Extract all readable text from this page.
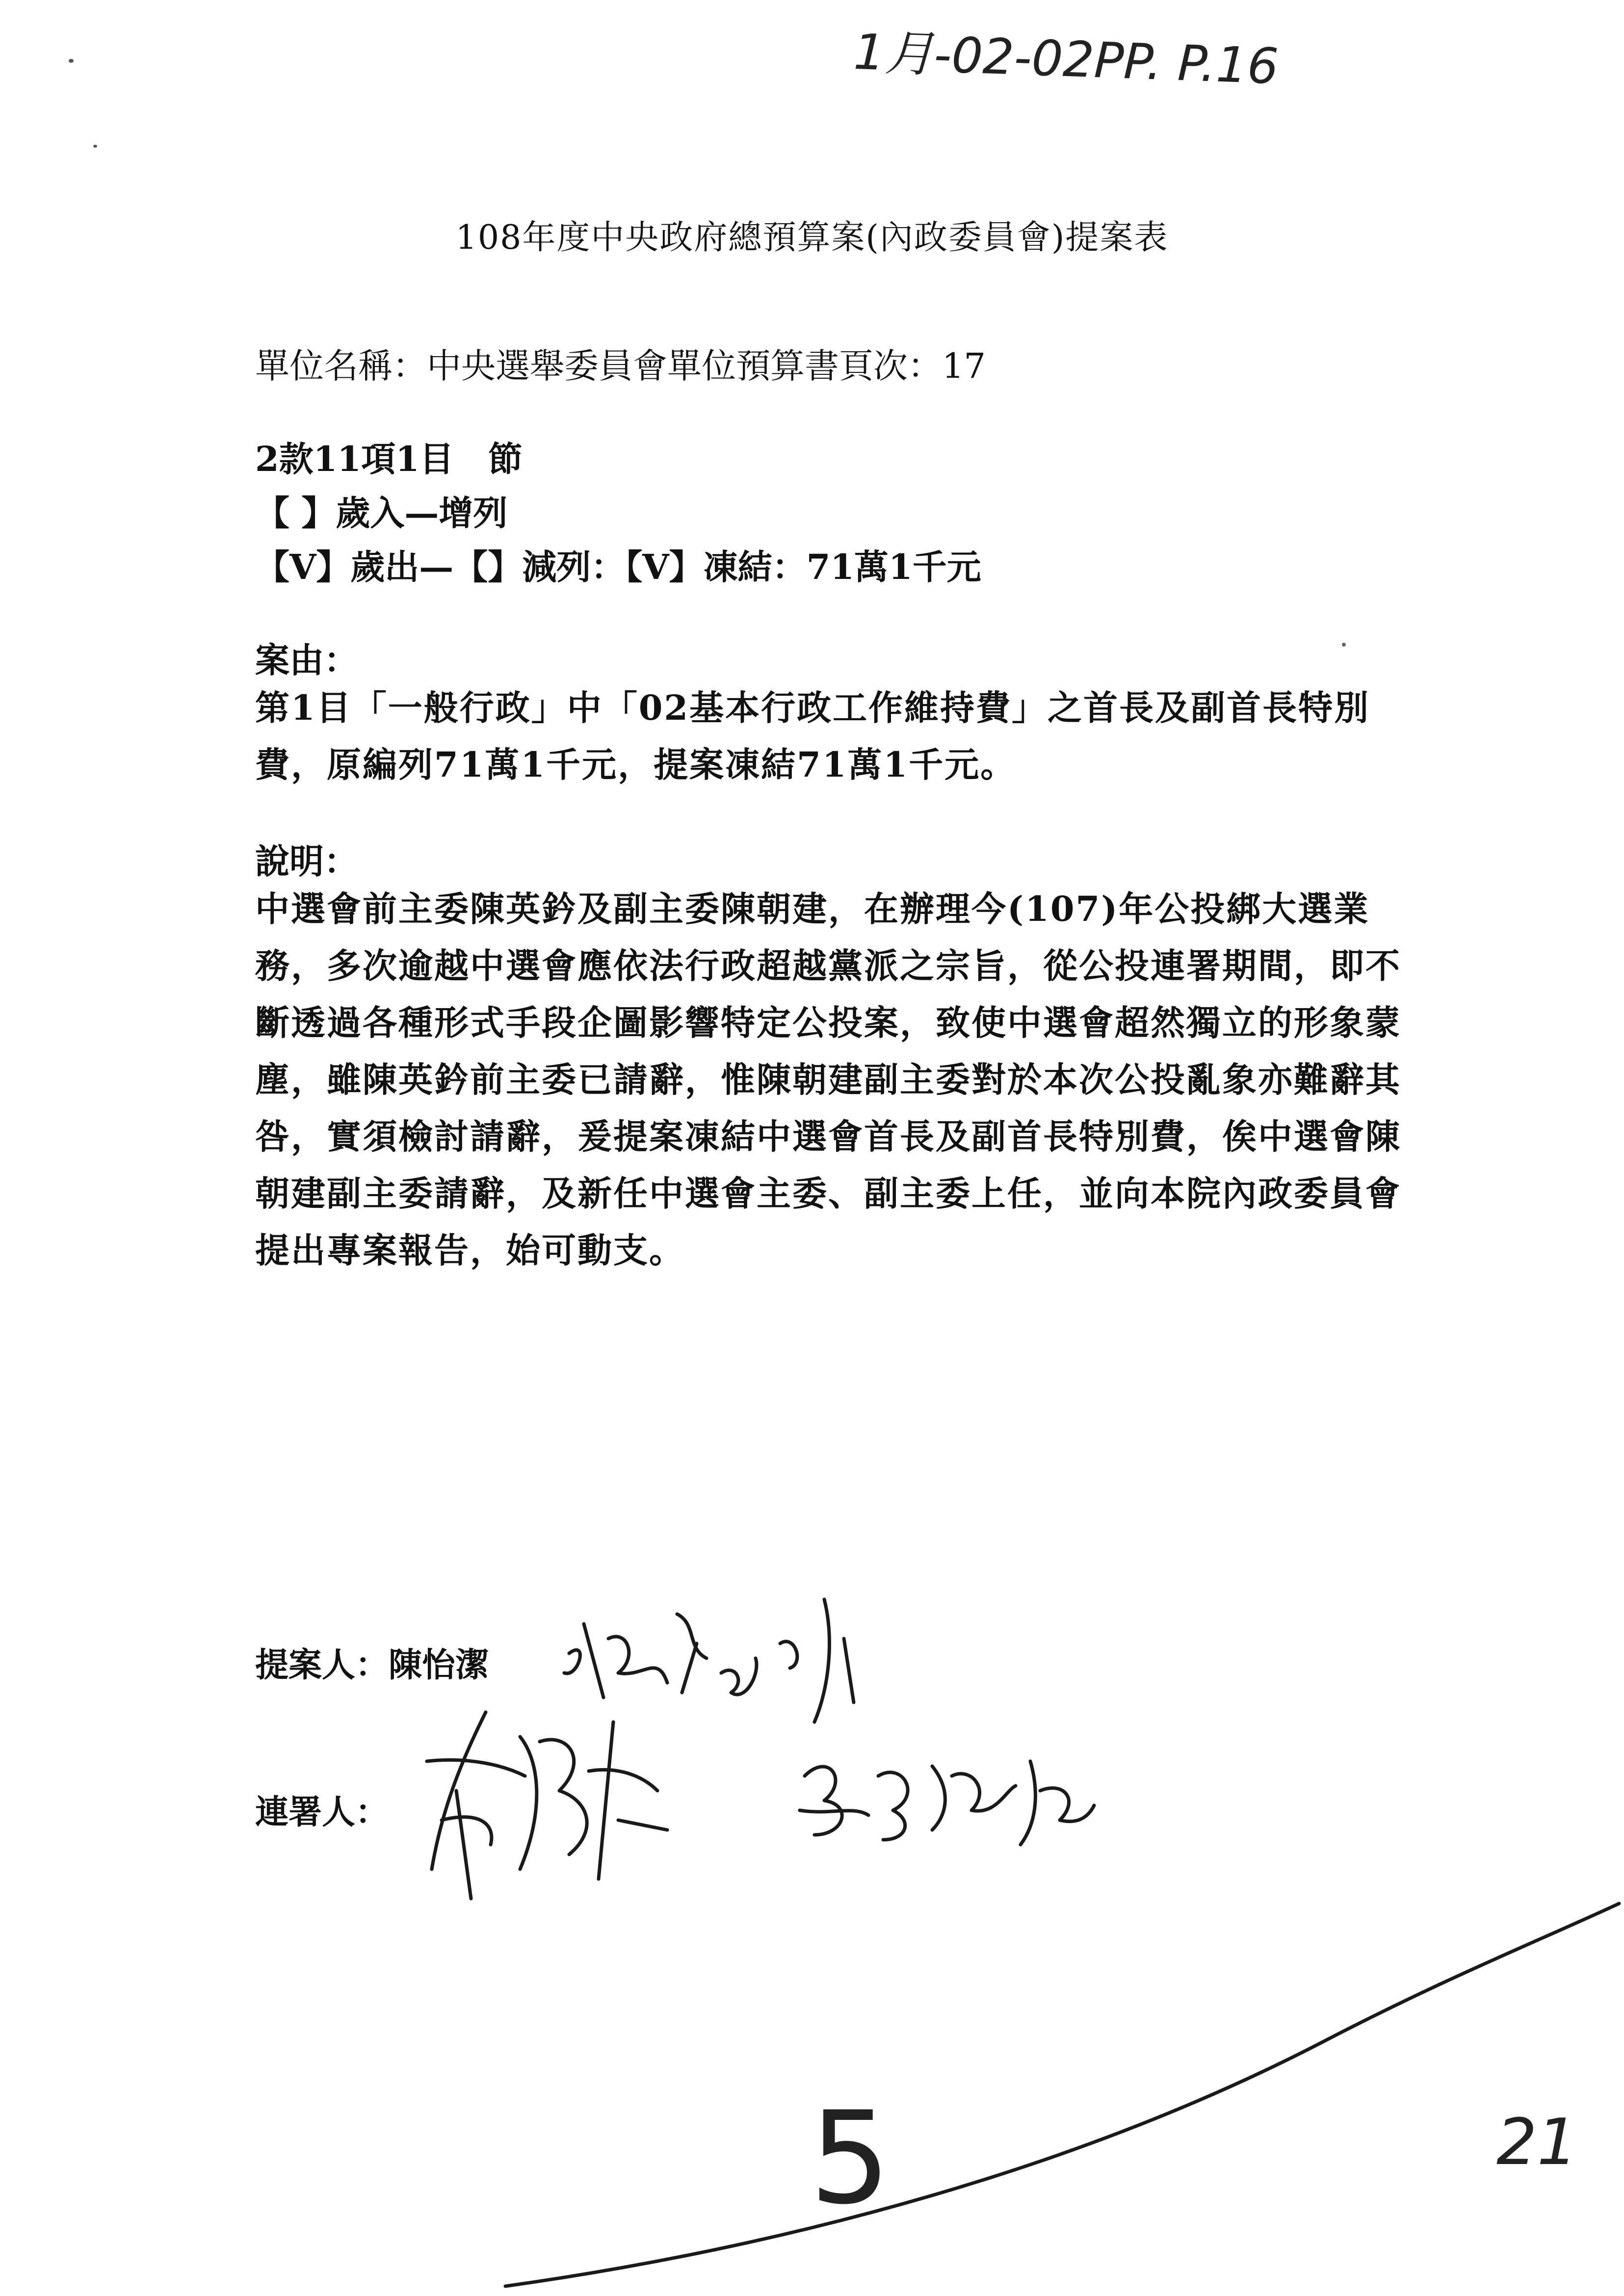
1月-02-02PP. P.16
108年度中央政府總預算案(內政委員會)提案表
單位名稱：中央選舉委員會單位預算書頁次：17
2款11項1目　節
【 】歲入—增列
【V】歲出—【】減列：【V】凍結：71萬1千元
案由：
第1目「一般行政」中「02基本行政工作維持費」之首長及副首長特別費，原編列71萬1千元，提案凍結71萬1千元。
說明：
中選會前主委陳英鈐及副主委陳朝建，在辦理今(107)年公投綁大選業務，多次逾越中選會應依法行政超越黨派之宗旨，從公投連署期間，即不斷透過各種形式手段企圖影響特定公投案，致使中選會超然獨立的形象蒙塵，雖陳英鈐前主委已請辭，惟陳朝建副主委對於本次公投亂象亦難辭其咎，實須檢討請辭，爰提案凍結中選會首長及副首長特別費，俟中選會陳朝建副主委請辭，及新任中選會主委、副主委上任，並向本院內政委員會提出專案報告，始可動支。
提案人：陳怡潔
連署人：
5	21
